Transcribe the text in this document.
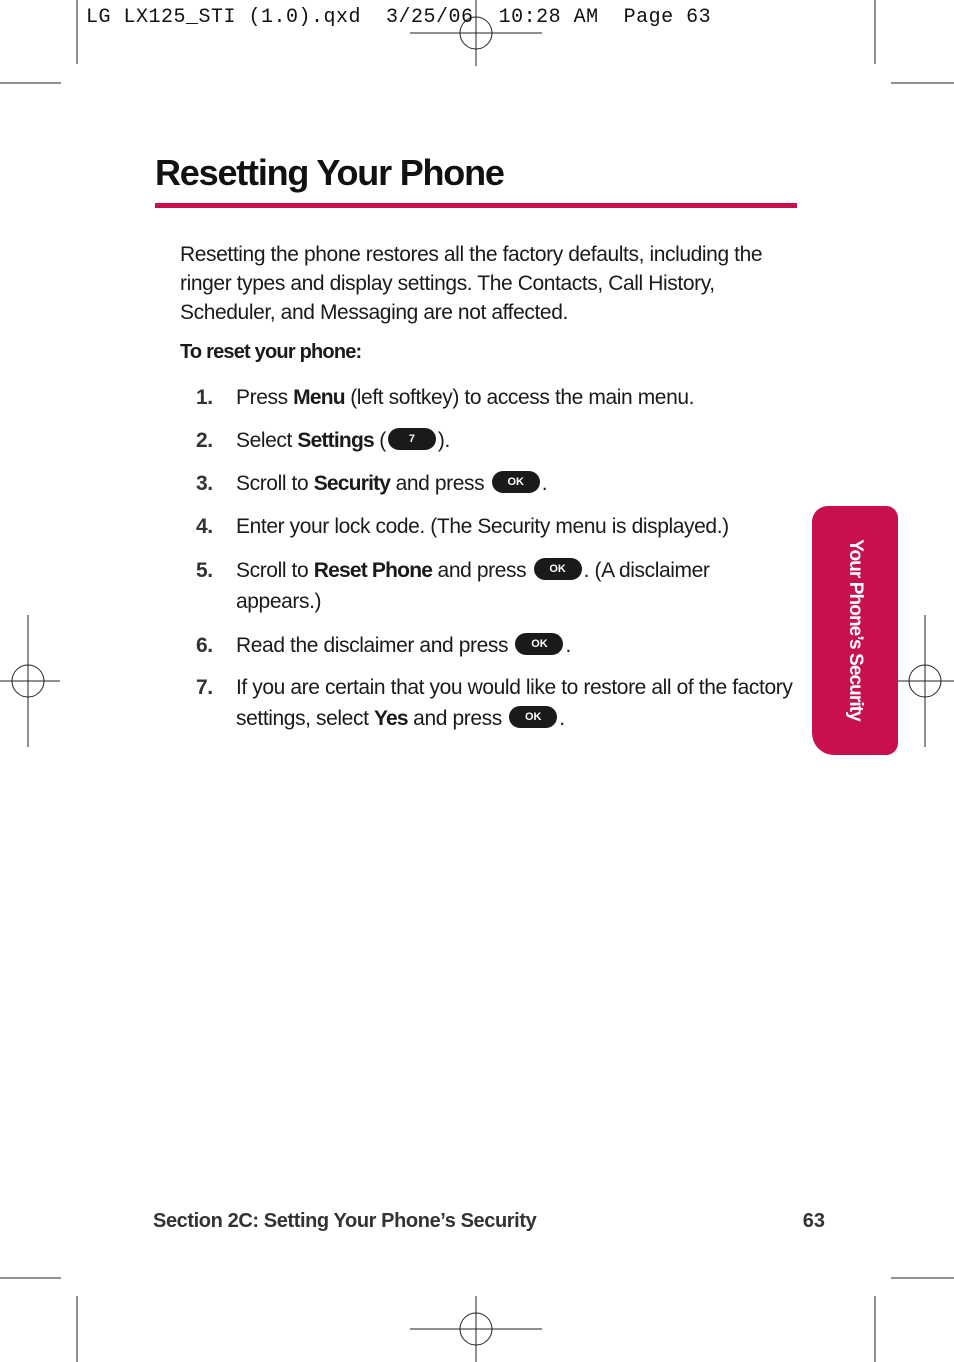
LG LX125_STI (1.0).qxd  3/25/06  10:28 AM  Page 63
Resetting Your Phone

Resetting the phone restores all the factory defaults, including the ringer types and display settings. The Contacts, Call History, Scheduler, and Messaging are not affected.

To reset your phone:

1. Press Menu (left softkey) to access the main menu.
2. Select Settings ( 7 ).
3. Scroll to Security and press OK .
4. Enter your lock code. (The Security menu is displayed.)
5. Scroll to Reset Phone and press OK . (A disclaimer appears.)
6. Read the disclaimer and press OK .
7. If you are certain that you would like to restore all of the factory settings, select Yes and press OK .	Your Phone’s Security
Section 2C: Setting Your Phone’s Security	63
